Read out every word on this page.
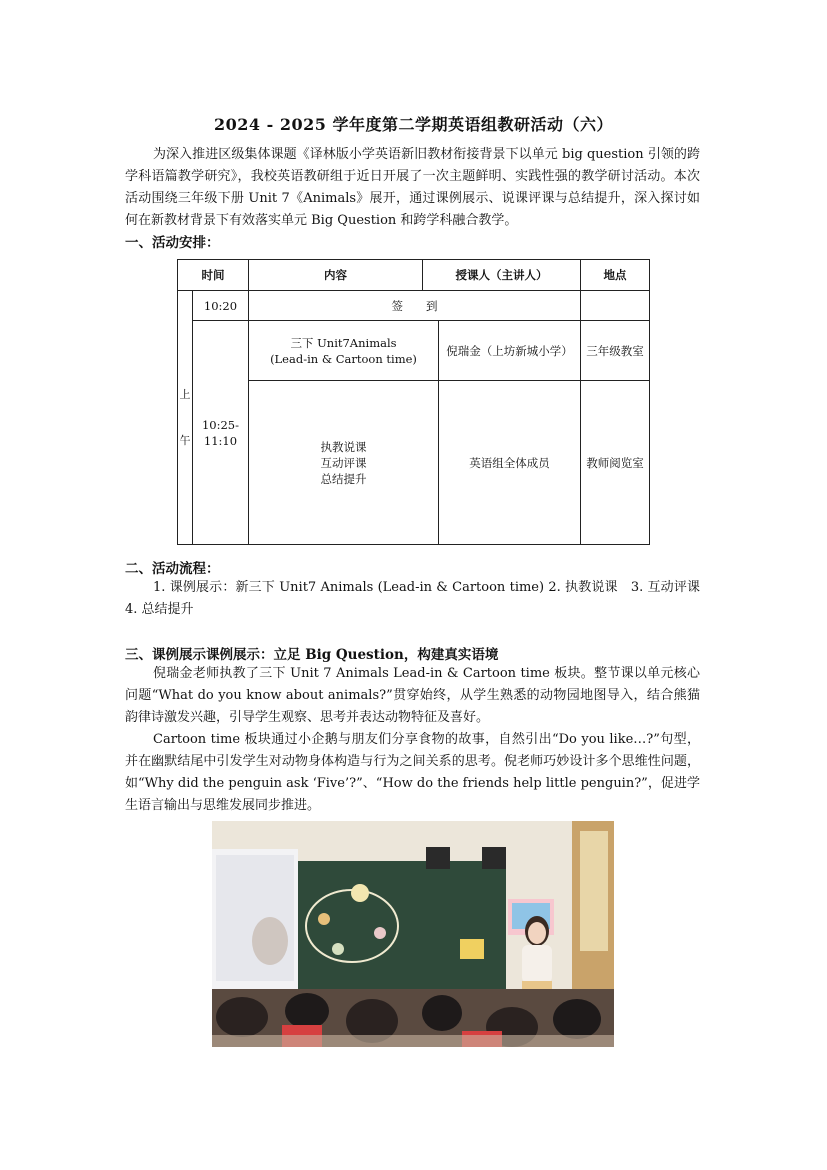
2024 - 2025 学年度第二学期英语组教研活动（六）
为深入推进区级集体课题《译林版小学英语新旧教材衔接背景下以单元 big question 引领的跨学科语篇教学研究》，我校英语教研组于近日开展了一次主题鲜明、实践性强的教学研讨活动。本次活动围绕三年级下册 Unit 7《Animals》展开，通过课例展示、说课评课与总结提升，深入探讨如何在新教材背景下有效落实单元 Big Question 和跨学科融合教学。
一、活动安排：
时间		内容	授课人（主讲人）		地点

上
午	10:20	签　　到			
	10:25-11:10	三下 Unit7Animals
(Lead-in & Cartoon time)		倪瑞金（上坊新城小学）	三年级教室

		执教说课
互动评课
总结提升		英语组全体成员	教师阅览室
二、活动流程：
1. 课例展示：新三下 Unit7 Animals (Lead-in & Cartoon time) 2. 执教说课　3. 互动评课　4. 总结提升
三、课例展示课例展示：立足 Big Question，构建真实语境
倪瑞金老师执教了三下 Unit 7 Animals Lead-in & Cartoon time 板块。整节课以单元核心问题“What do you know about animals?”贯穿始终，从学生熟悉的动物园地图导入，结合熊猫韵律诗激发兴趣，引导学生观察、思考并表达动物特征及喜好。
Cartoon time 板块通过小企鹅与朋友们分享食物的故事，自然引出“Do you like…?”句型，并在幽默结尾中引发学生对动物身体构造与行为之间关系的思考。倪老师巧妙设计多个思维性问题，如“Why did the penguin ask ‘Five’?”、“How do the friends help little penguin?”，促进学生语言输出与思维发展同步推进。
